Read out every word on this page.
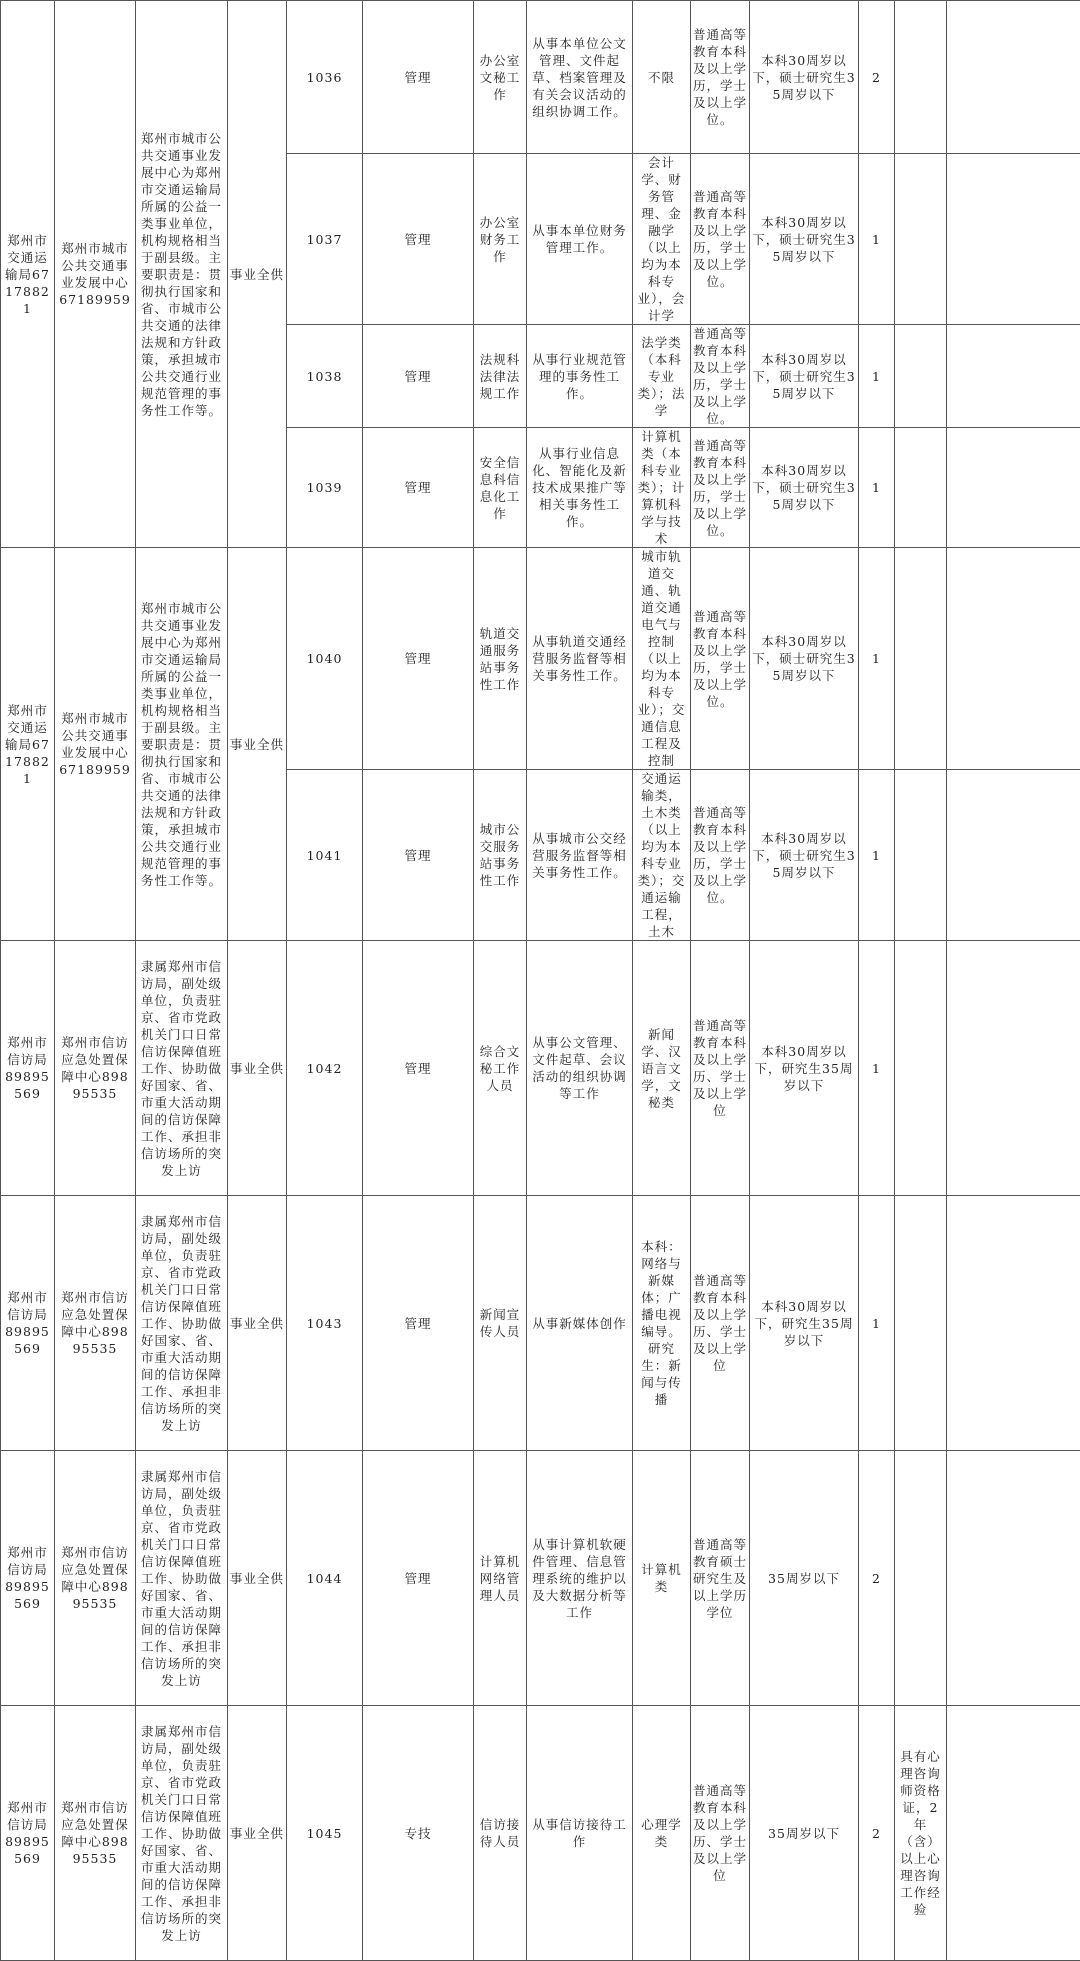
郑州市交通运输局67178821	郑州市城市公共交通事业发展中心67189959	郑州市城市公共交通事业发展中心为郑州市交通运输局所属的公益一类事业单位，机构规格相当于副县级。主要职责是：贯彻执行国家和省、市城市公共交通的法律法规和方针政策，承担城市公共交通行业规范管理的事务性工作等。	事业全供	1036	管理	办公室文秘工作	从事本单位公文管理、文件起草、档案管理及有关会议活动的组织协调工作。	不限	普通高等教育本科及以上学历，学士及以上学位。	本科30周岁以下，硕士研究生35周岁以下	2		
				1037	管理	办公室财务工作	从事本单位财务管理工作。	会计学、财务管理、金融学（以上均为本科专业），会计学	普通高等教育本科及以上学历，学士及以上学位。	本科30周岁以下，硕士研究生35周岁以下	1		
				1038	管理	法规科法律法规工作	从事行业规范管理的事务性工作。	法学类（本科专业类）；法学	普通高等教育本科及以上学历，学士及以上学位。	本科30周岁以下，硕士研究生35周岁以下	1		
				1039	管理	安全信息科信息化工作	从事行业信息化、智能化及新技术成果推广等相关事务性工作。	计算机类（本科专业类）；计算机科学与技术	普通高等教育本科及以上学历，学士及以上学位。	本科30周岁以下，硕士研究生35周岁以下	1		
郑州市交通运输局67178821	郑州市城市公共交通事业发展中心67189959	郑州市城市公共交通事业发展中心为郑州市交通运输局所属的公益一类事业单位，机构规格相当于副县级。主要职责是：贯彻执行国家和省、市城市公共交通的法律法规和方针政策，承担城市公共交通行业规范管理的事务性工作等。	事业全供	1040	管理	轨道交通服务站事务性工作	从事轨道交通经营服务监督等相关事务性工作。	城市轨道交通、轨道交通电气与控制（以上均为本科专业）；交通信息工程及控制	普通高等教育本科及以上学历，学士及以上学位。	本科30周岁以下，硕士研究生35周岁以下	1		
				1041	管理	城市公交服务站事务性工作	从事城市公交经营服务监督等相关事务性工作。	交通运输类，土木类（以上均为本科专业类）；交通运输工程，土木	普通高等教育本科及以上学历，学士及以上学位。	本科30周岁以下，硕士研究生35周岁以下	1		
郑州市信访局89895569	郑州市信访应急处置保障中心89895535	隶属郑州市信访局，副处级单位，负责驻京、省市党政机关门口日常信访保障值班工作、协助做好国家、省、市重大活动期间的信访保障工作、承担非信访场所的突发上访	事业全供	1042	管理	综合文秘工作人员	从事公文管理、文件起草、会议活动的组织协调等工作	新闻学、汉语言文学，文秘类	普通高等教育本科及以上学历、学士及以上学位	本科30周岁以下，研究生35周岁以下	1		
郑州市信访局89895569	郑州市信访应急处置保障中心89895535	隶属郑州市信访局，副处级单位，负责驻京、省市党政机关门口日常信访保障值班工作、协助做好国家、省、市重大活动期间的信访保障工作、承担非信访场所的突发上访	事业全供	1043	管理	新闻宣传人员	从事新媒体创作	本科：网络与新媒体；广播电视编导。研究生：新闻与传播	普通高等教育本科及以上学历、学士及以上学位	本科30周岁以下，研究生35周岁以下	1		
郑州市信访局89895569	郑州市信访应急处置保障中心89895535	隶属郑州市信访局，副处级单位，负责驻京、省市党政机关门口日常信访保障值班工作、协助做好国家、省、市重大活动期间的信访保障工作、承担非信访场所的突发上访	事业全供	1044	管理	计算机网络管理人员	从事计算机软硬件管理、信息管理系统的维护以及大数据分析等工作	计算机类	普通高等教育硕士研究生及以上学历学位	35周岁以下	2		
郑州市信访局89895569	郑州市信访应急处置保障中心89895535	隶属郑州市信访局，副处级单位，负责驻京、省市党政机关门口日常信访保障值班工作、协助做好国家、省、市重大活动期间的信访保障工作、承担非信访场所的突发上访	事业全供	1045	专技	信访接待人员	从事信访接待工作	心理学类	普通高等教育本科及以上学历、学士及以上学位	35周岁以下	2	具有心理咨询师资格证，2年（含）以上心理咨询工作经验	
